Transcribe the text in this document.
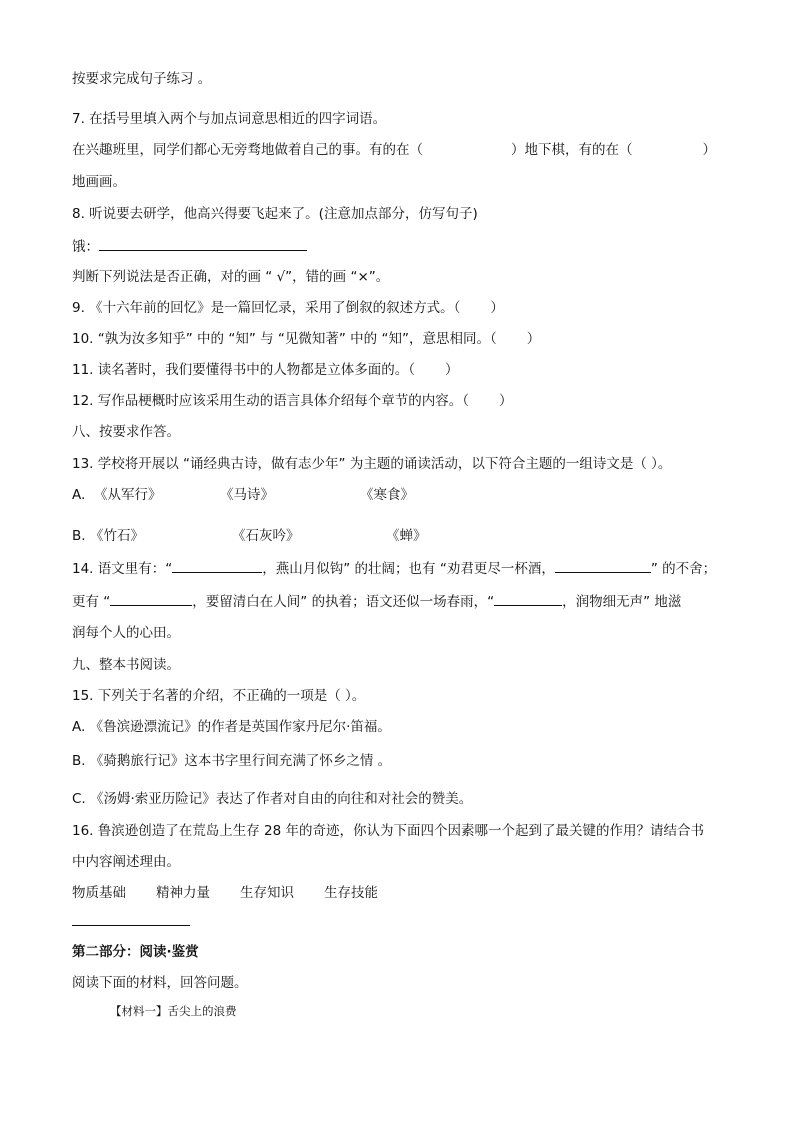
按要求完成句子练习 。
7. 在括号里填入两个与加点词意思相近的四字词语。
在兴趣班里，同学们都心无旁骛地做着自己的事。有的在（	）地下棋，有的在（	）
地画画。
8. 听说要去研学，他高兴得要飞起来了。(注意加点部分，仿写句子)
饿：
判断下列说法是否正确，对的画 “ √”，错的画 “×”。
9. 《十六年前的回忆》是一篇回忆录，采用了倒叙的叙述方式。（ ）
10. “孰为汝多知乎” 中的 “知” 与 “见微知著” 中的 “知”，意思相同。（ ）
11. 读名著时，我们要懂得书中的人物都是立体多面的。（ ）
12. 写作品梗概时应该采用生动的语言具体介绍每个章节的内容。（ ）
八、按要求作答。
13. 学校将开展以 “诵经典古诗，做有志少年” 为主题的诵读活动，以下符合主题的一组诗文是（ ）。
A. 《从军行》	《马诗》	《寒食》
B. 《竹石》	《石灰吟》	《蝉》
14. 语文里有：“	，燕山月似钩” 的壮阔；也有 “劝君更尽一杯酒，	” 的不舍；
更有 “	，要留清白在人间” 的执着；语文还似一场春雨，“	，润物细无声” 地滋
润每个人的心田。
九、整本书阅读。
15. 下列关于名著的介绍，不正确的一项是（ ）。
A. 《鲁滨逊漂流记》的作者是英国作家丹尼尔·笛福。
B. 《骑鹅旅行记》这本书字里行间充满了怀乡之情 。
C. 《汤姆·索亚历险记》表达了作者对自由的向往和对社会的赞美。
16. 鲁滨逊创造了在荒岛上生存 28 年的奇迹，你认为下面四个因素哪一个起到了最关键的作用？请结合书
中内容阐述理由。
物质基础 精神力量 生存知识 生存技能
第二部分：阅读·鉴赏
阅读下面的材料，回答问题。
【材料一】舌尖上的浪费
